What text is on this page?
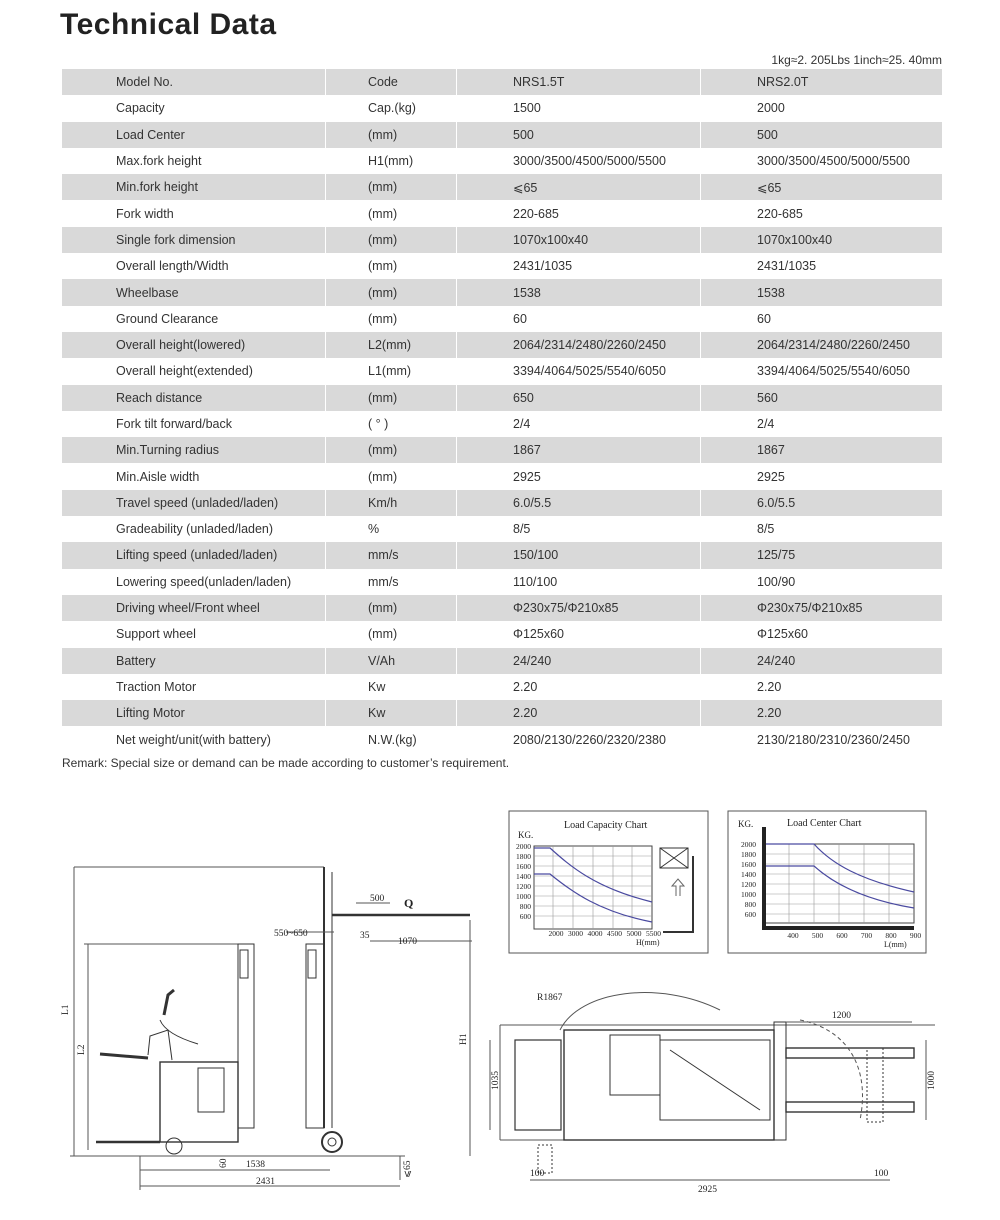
Technical Data
1kg≈2. 205Lbs 1inch≈25. 40mm
Model No.	Code	NRS1.5T	NRS2.0T
Capacity	Cap.(kg)	1500	2000
Load Center	(mm)	500	500
Max.fork height	H1(mm)	3000/3500/4500/5000/5500	3000/3500/4500/5000/5500
Min.fork height	(mm)	⩽65	⩽65
Fork width	(mm)	220-685	220-685
Single fork dimension	(mm)	1070x100x40	1070x100x40
Overall length/Width	(mm)	2431/1035	2431/1035
Wheelbase	(mm)	1538	1538
Ground Clearance	(mm)	60	60
Overall height(lowered)	L2(mm)	2064/2314/2480/2260/2450	2064/2314/2480/2260/2450
Overall height(extended)	L1(mm)	3394/4064/5025/5540/6050	3394/4064/5025/5540/6050
Reach distance	(mm)	650	560
Fork tilt forward/back	( ° )	2/4	2/4
Min.Turning radius	(mm)	1867	1867
Min.Aisle width	(mm)	2925	2925
Travel speed (unladed/laden)	Km/h	6.0/5.5	6.0/5.5
Gradeability (unladed/laden)	%	8/5	8/5
Lifting speed (unladed/laden)	mm/s	150/100	125/75
Lowering speed(unladen/laden)	mm/s	110/100	100/90
Driving wheel/Front wheel	(mm)	Φ230x75/Φ210x85	Φ230x75/Φ210x85
Support wheel	(mm)	Φ125x60	Φ125x60
Battery	V/Ah	24/240	24/240
Traction Motor	Kw	2.20	2.20
Lifting Motor	Kw	2.20	2.20
Net weight/unit(with battery)	N.W.(kg)	2080/2130/2260/2320/2380	2130/2180/2310/2360/2450
Remark: Special size or demand can be made according to customer’s requirement.
Load Capacity Chart
KG.
2000
1800
1600
1400
1200
1000
800
600
2000 3000 4000 4500 5000 5500
H(mm)
Load Center Chart
KG.
2000
1800
1600
1400
1200
1000
800
600
400 500 600 700 800 900
L(mm)
500 Q
550~650	35
1070
L1
L2
H1
60 1538	⩽65
2431
R1867
1200
1035	1000
100	100
2925
